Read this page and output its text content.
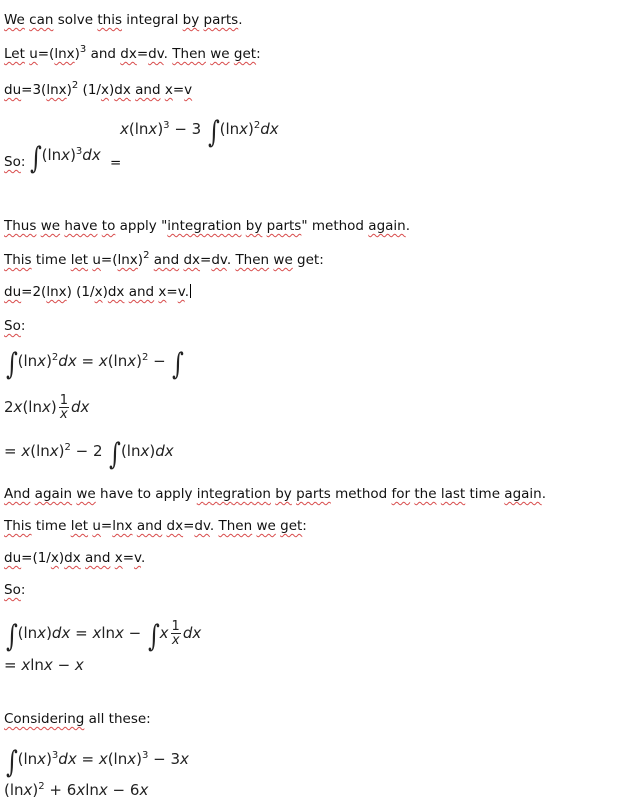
We can solve this integral by parts.
Let $u=(\ln x)^3$ and dx=dv. Then we get:
$du=3(\ln x)^2$ (1/x)dx and x=v
$x(\ln x)^3 - 3$ $\int(\ln x)^2dx$
So: $\int(\ln x)^3dx$ =
Thus we have to apply "integration by parts" method again.
This time let $u=(\ln x)^2$ and dx=dv. Then we get:
du=2(lnx) (1/x)dx and x=v.
So:
$\int(\ln x)^2dx = x(\ln x)^2$ − ∫
$2x(\ln x) \frac{1}{x}$ dx
= $x(\ln x)^2 - 2$ ∫(lnx)dx
And again we have to apply integration by parts method for the last time again.
This time let u=lnx and dx=dv. Then we get:
du=(1/x)dx and x=v.
So:
$\int(\ln x)dx = xlnx - \int x \frac{1}{x}$ dx
= xlnx − x
Considering all these:
$\int(\ln x)^3dx = x(\ln x)^3 - 3x$
$(\ln x)^2 + 6xlnx - 6x$
